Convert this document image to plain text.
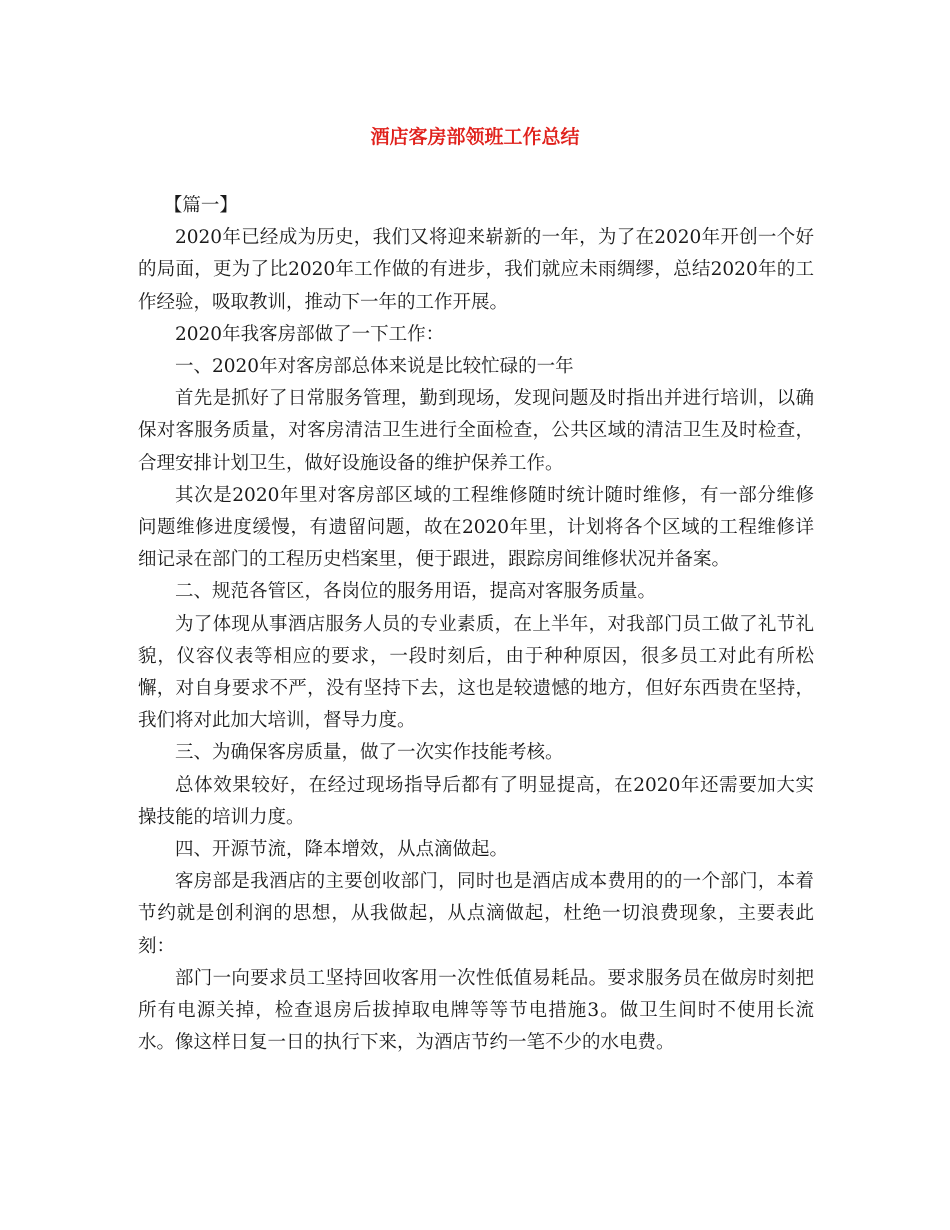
酒店客房部领班工作总结

【篇一】

2020年已经成为历史，我们又将迎来崭新的一年，为了在2020年开创一个好的局面，更为了比2020年工作做的有进步，我们就应未雨绸缪，总结2020年的工作经验，吸取教训，推动下一年的工作开展。

2020年我客房部做了一下工作：

一、2020年对客房部总体来说是比较忙碌的一年

首先是抓好了日常服务管理，勤到现场，发现问题及时指出并进行培训，以确保对客服务质量，对客房清洁卫生进行全面检查，公共区域的清洁卫生及时检查，合理安排计划卫生，做好设施设备的维护保养工作。

其次是2020年里对客房部区域的工程维修随时统计随时维修，有一部分维修问题维修进度缓慢，有遗留问题，故在2020年里，计划将各个区域的工程维修详细记录在部门的工程历史档案里，便于跟进，跟踪房间维修状况并备案。

二、规范各管区，各岗位的服务用语，提高对客服务质量。

为了体现从事酒店服务人员的专业素质，在上半年，对我部门员工做了礼节礼貌，仪容仪表等相应的要求，一段时刻后，由于种种原因，很多员工对此有所松懈，对自身要求不严，没有坚持下去，这也是较遗憾的地方，但好东西贵在坚持，我们将对此加大培训，督导力度。

三、为确保客房质量，做了一次实作技能考核。

总体效果较好，在经过现场指导后都有了明显提高，在2020年还需要加大实操技能的培训力度。

四、开源节流，降本增效，从点滴做起。

客房部是我酒店的主要创收部门，同时也是酒店成本费用的的一个部门，本着节约就是创利润的思想，从我做起，从点滴做起，杜绝一切浪费现象，主要表此刻：

部门一向要求员工坚持回收客用一次性低值易耗品。要求服务员在做房时刻把所有电源关掉，检查退房后拔掉取电牌等等节电措施3。做卫生间时不使用长流水。像这样日复一日的执行下来，为酒店节约一笔不少的水电费。
